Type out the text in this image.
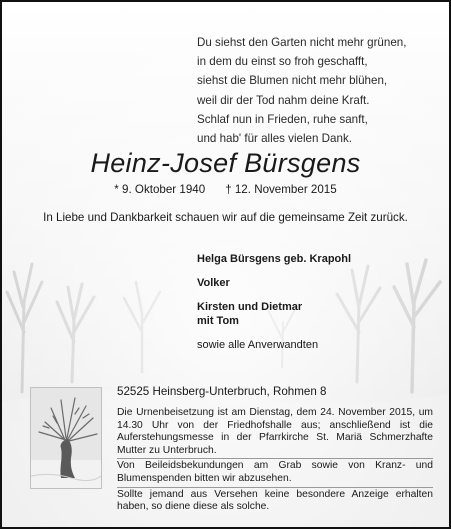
Du siehst den Garten nicht mehr grünen,
in dem du einst so froh geschafft,
siehst die Blumen nicht mehr blühen,
weil dir der Tod nahm deine Kraft.
Schlaf nun in Frieden, ruhe sanft,
und hab' für alles vielen Dank.
Heinz-Josef Bürsgens
* 9. Oktober 1940 † 12. November 2015
In Liebe und Dankbarkeit schauen wir auf die gemeinsame Zeit zurück.
Helga Bürsgens geb. Krapohl
Volker
Kirsten und Dietmar
mit Tom
sowie alle Anverwandten
52525 Heinsberg-Unterbruch, Rohmen 8
Die Urnenbeisetzung ist am Dienstag, dem 24. November 2015, um 14.30 Uhr von der Friedhofshalle aus; anschließend ist die Auferstehungsmesse in der Pfarrkirche St. Mariä Schmerzhafte Mutter zu Unterbruch.
Von Beileidsbekundungen am Grab sowie von Kranz- und Blumenspenden bitten wir abzusehen.
Sollte jemand aus Versehen keine besondere Anzeige erhalten haben, so diene diese als solche.
